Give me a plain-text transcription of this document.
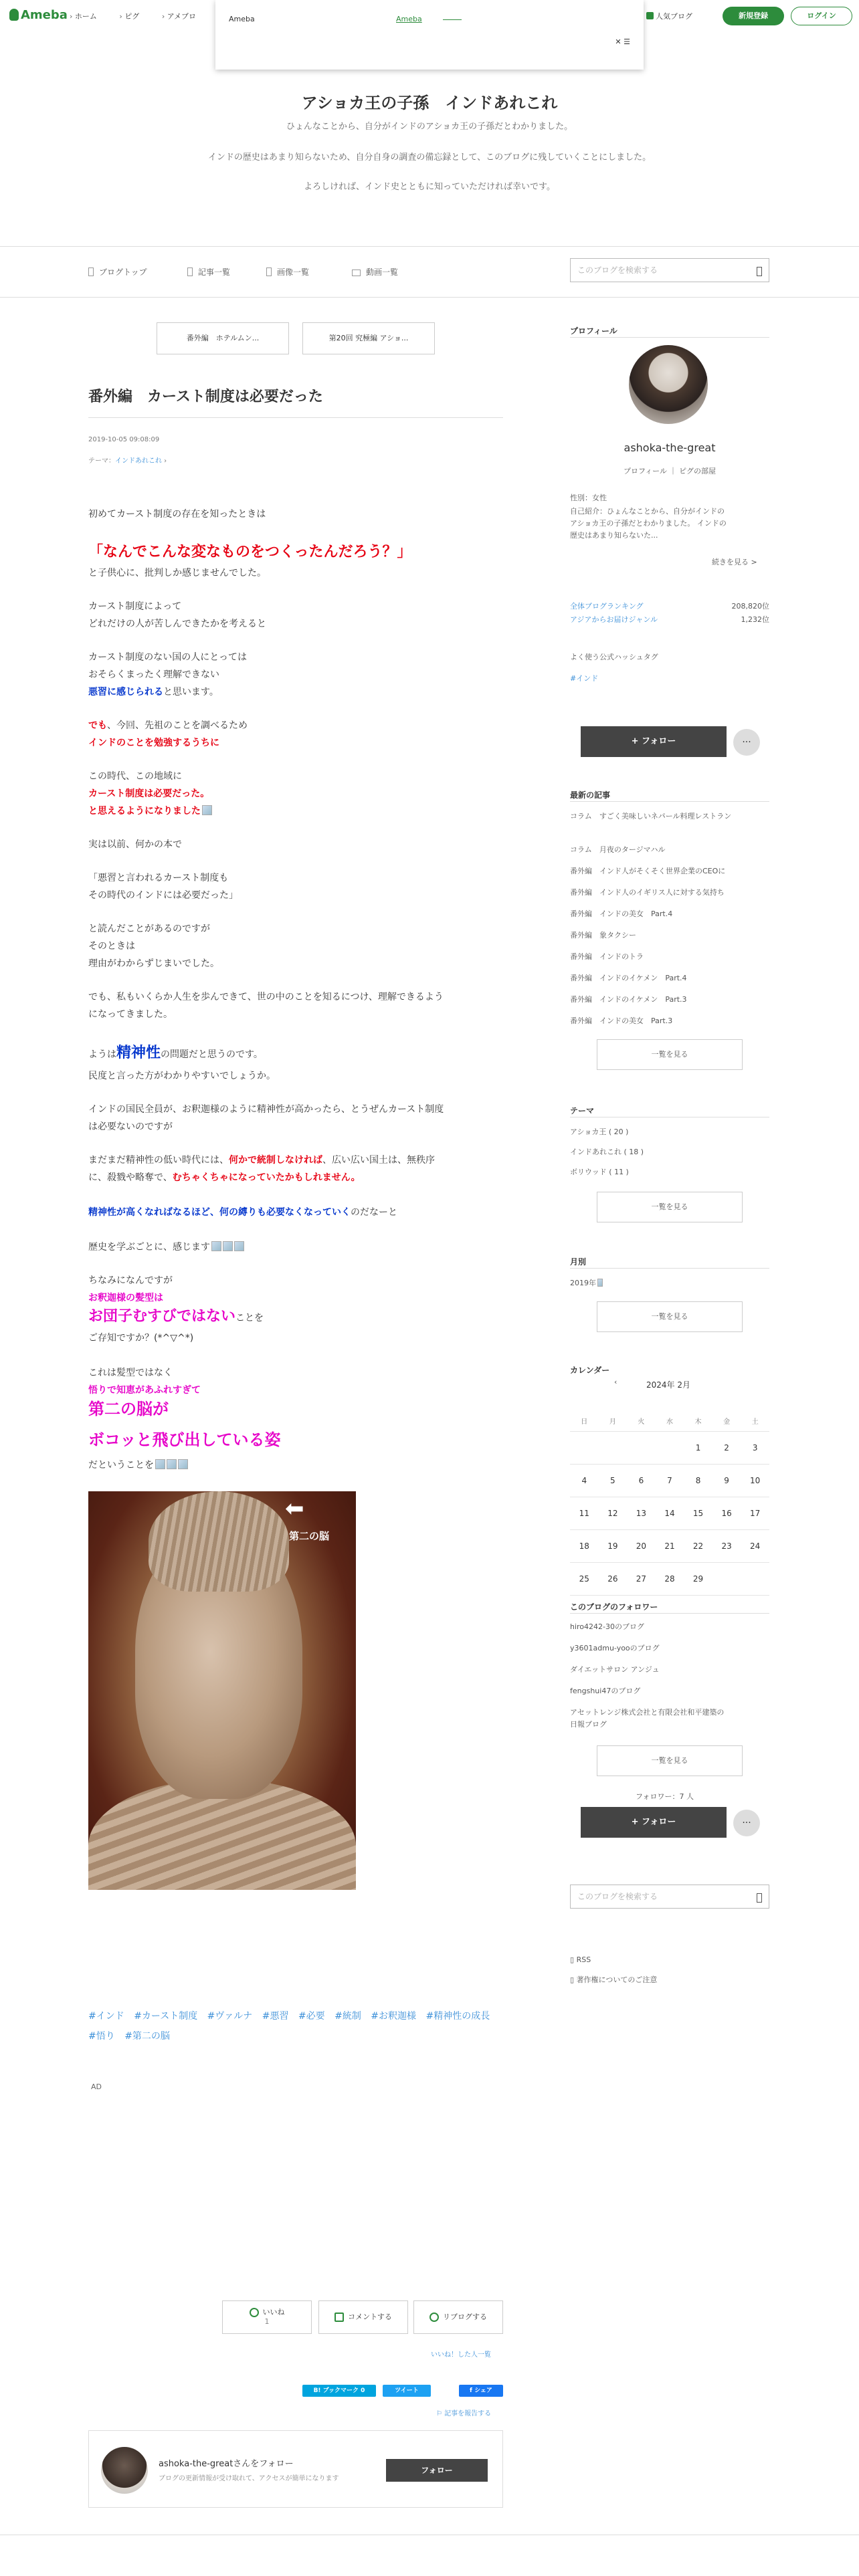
Ameba › ホーム	› ピグ	› アメブロ	人気ブログ	新規登録	ログイン
Ameba	Ameba
✕ ☰
アショカ王の子孫　インドあれこれ
ひょんなことから、自分がインドのアショカ王の子孫だとわかりました。
インドの歴史はあまり知らないため、自分自身の調査の備忘録として、このブログに残していくことにしました。
よろしければ、インド史とともに知っていただければ幸いです。
ブログトップ	記事一覧	画像一覧	動画一覧	このブログを検索する
番外編　ホテルムン...	第20回 究極編 アショ...
番外編　カースト制度は必要だった
2019-10-05 09:08:09
テーマ：インドあれこれ ›
初めてカースト制度の存在を知ったときは
「なんでこんな変なものをつくったんだろう？」
と子供心に、批判しか感じませんでした。
カースト制度によって
どれだけの人が苦しんできたかを考えると
カースト制度のない国の人にとっては
おそらくまったく理解できない
悪習に感じられると思います。
でも、今回、先祖のことを調べるため
インドのことを勉強するうちに
この時代、この地域に
カースト制度は必要だった。
と思えるようになりました
実は以前、何かの本で
「悪習と言われるカースト制度も
その時代のインドには必要だった」
と読んだことがあるのですが
そのときは
理由がわからずじまいでした。
でも、私もいくらか人生を歩んできて、世の中のことを知るにつけ、理解できるよう
になってきました。
ようは精神性の問題だと思うのです。
民度と言った方がわかりやすいでしょうか。
インドの国民全員が、お釈迦様のように精神性が高かったら、とうぜんカースト制度
は必要ないのですが
まだまだ精神性の低い時代には、何かで統制しなければ、広い広い国土は、無秩序
に、殺戮や略奪で、むちゃくちゃになっていたかもしれません。
精神性が高くなればなるほど、何の縛りも必要なくなっていくのだなーと
歴史を学ぶごとに、感じます
ちなみになんですが
お釈迦様の髪型は
お団子むすびではないことを
ご存知ですか？(*^▽^*)
これは髪型ではなく
悟りで知恵があふれすぎて
第二の脳が
ボコッと飛び出している姿
だということを
⬅
第二の脳
#インド #カースト制度 #ヴァルナ #悪習 #必要 #統制 #お釈迦様 #精神性の成長 #悟り #第二の脳
AD
いいね
1
コメントする	リブログする
いいね！した人一覧
B! ブックマーク 0	ツイート	f シェア
⚐ 記事を報告する
ashoka-the-greatさんをフォロー
ブログの更新情報が受け取れて、アクセスが簡単になります
フォロー
プロフィール
ashoka-the-great
プロフィール ｜ ピグの部屋
性別：女性
自己紹介：ひょんなことから、自分がインドの
アショカ王の子孫だとわかりました。 インドの
歴史はあまり知らないた...
続きを見る >
全体ブログランキング	208,820位
アジアからお届けジャンル	1,232位
よく使う公式ハッシュタグ
#インド
+ フォロー	···
最新の記事
コラム　すごく美味しいネパール料理レストラン
コラム　月夜のタージマハル
番外編　インド人がそくそく世界企業のCEOに
番外編　インド人のイギリス人に対する気持ち
番外編　インドの美女　Part.4
番外編　象タクシー
番外編　インドのトラ
番外編　インドのイケメン　Part.4
番外編　インドのイケメン　Part.3
番外編　インドの美女　Part.3
一覧を見る
テーマ
アショカ王 ( 20 )
インドあれこれ ( 18 )
ボリウッド ( 11 )
一覧を見る
月別
2019年
一覧を見る
カレンダー
‹	2024年 2月
日	月	火	水	木	金	土
				1	2	3
4	5	6	7	8	9	10
11	12	13	14	15	16	17
18	19	20	21	22	23	24
25	26	27	28	29		
このブログのフォロワー
hiro4242-30のブログ
y3601admu-yooのブログ
ダイエットサロン アンジュ
fengshui47のブログ
アセットレンジ株式会社と有限会社和平建築の
日報ブログ
一覧を見る
フォロワー：7 人
+ フォロー	···
このブログを検索する
▯ RSS
▯ 著作権についてのご注意
